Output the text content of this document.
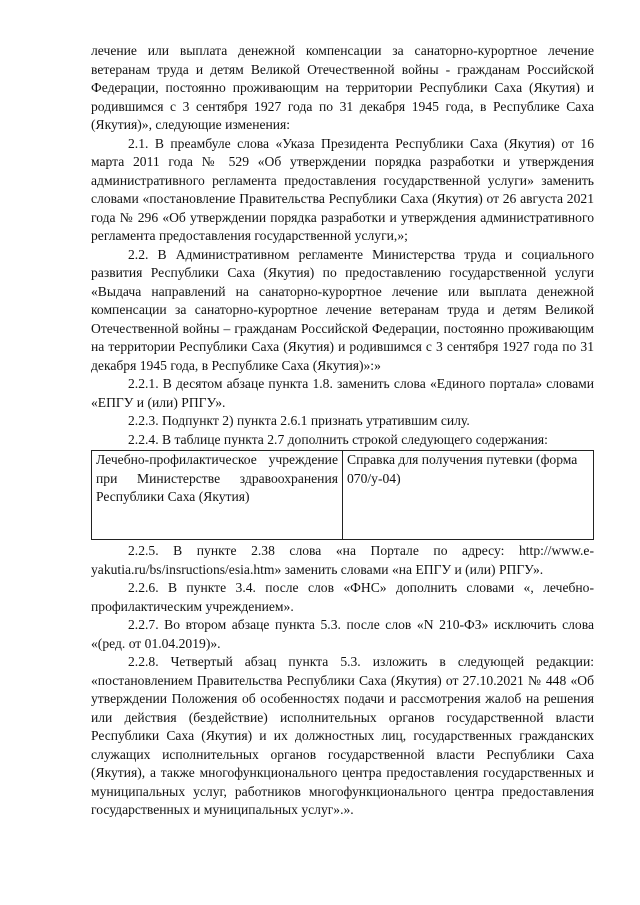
лечение или выплата денежной компенсации за санаторно-курортное лечение ветеранам труда и детям Великой Отечественной войны - гражданам Российской Федерации, постоянно проживающим на территории Республики Саха (Якутия) и родившимся с 3 сентября 1927 года по 31 декабря 1945 года, в Республике Саха (Якутия)», следующие изменения:

2.1. В преамбуле слова «Указа Президента Республики Саха (Якутия) от 16 марта 2011 года № 529 «Об утверждении порядка разработки и утверждения административного регламента предоставления государственной услуги» заменить словами «постановление Правительства Республики Саха (Якутия) от 26 августа 2021 года № 296 «Об утверждении порядка разработки и утверждения административного регламента предоставления государственной услуги,»;

2.2. В Административном регламенте Министерства труда и социального развития Республики Саха (Якутия) по предоставлению государственной услуги «Выдача направлений на санаторно-курортное лечение или выплата денежной компенсации за санаторно-курортное лечение ветеранам труда и детям Великой Отечественной войны – гражданам Российской Федерации, постоянно проживающим на территории Республики Саха (Якутия) и родившимся с 3 сентября 1927 года по 31 декабря 1945 года, в Республике Саха (Якутия)»:»

2.2.1. В десятом абзаце пункта 1.8. заменить слова «Единого портала» словами «ЕПГУ и (или) РПГУ».

2.2.3. Подпункт 2) пункта 2.6.1 признать утратившим силу.

2.2.4. В таблице пункта 2.7 дополнить строкой следующего содержания:

Лечебно-профилактическое учреждение при Министерстве здравоохранения Республики Саха (Якутия)
Справка для получения путевки (форма 070/у-04)

2.2.5. В пункте 2.38 слова «на Портале по адресу: http://www.e-yakutia.ru/bs/insructions/esia.htm» заменить словами «на ЕПГУ и (или) РПГУ».

2.2.6. В пункте 3.4. после слов «ФНС» дополнить словами «, лечебно-профилактическим учреждением».

2.2.7. Во втором абзаце пункта 5.3. после слов «N 210-ФЗ» исключить слова «(ред. от 01.04.2019)».

2.2.8. Четвертый абзац пункта 5.3. изложить в следующей редакции: «постановлением Правительства Республики Саха (Якутия) от 27.10.2021 № 448 «Об утверждении Положения об особенностях подачи и рассмотрения жалоб на решения или действия (бездействие) исполнительных органов государственной власти Республики Саха (Якутия) и их должностных лиц, государственных гражданских служащих исполнительных органов государственной власти Республики Саха (Якутия), а также многофункционального центра предоставления государственных и муниципальных услуг, работников многофункционального центра предоставления государственных и муниципальных услуг».».
